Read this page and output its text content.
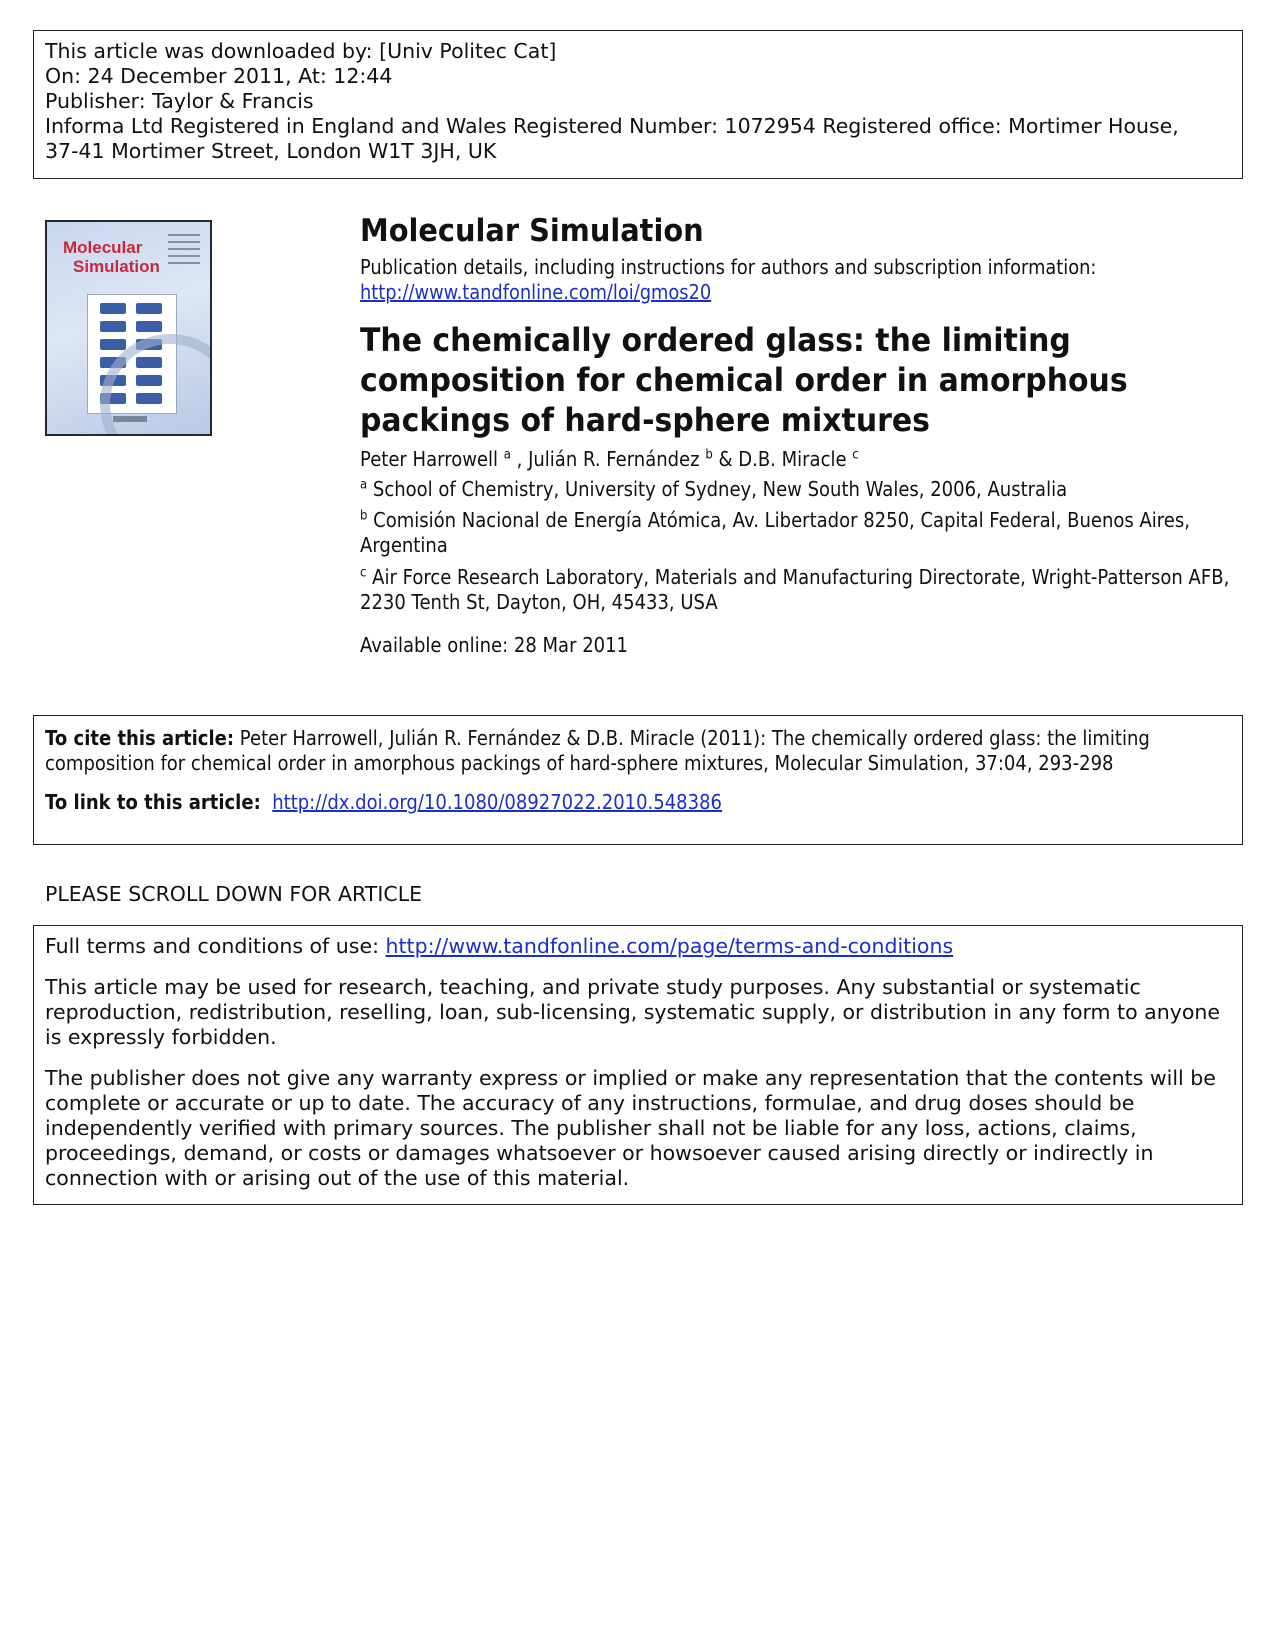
This article was downloaded by: [Univ Politec Cat]
On: 24 December 2011, At: 12:44
Publisher: Taylor & Francis
Informa Ltd Registered in England and Wales Registered Number: 1072954 Registered office: Mortimer House,
37-41 Mortimer Street, London W1T 3JH, UK
Molecular
Simulation
Molecular Simulation
Publication details, including instructions for authors and subscription information:
http://www.tandfonline.com/loi/gmos20
The chemically ordered glass: the limiting composition for chemical order in amorphous packings of hard-sphere mixtures
Peter Harrowell $^a$ , Julián R. Fernández $^b$ & D.B. Miracle $^c$
$^a$ School of Chemistry, University of Sydney, New South Wales, 2006, Australia
$^b$ Comisión Nacional de Energía Atómica, Av. Libertador 8250, Capital Federal, Buenos Aires, Argentina
$^c$ Air Force Research Laboratory, Materials and Manufacturing Directorate, Wright-Patterson AFB, 2230 Tenth St, Dayton, OH, 45433, USA
Available online: 28 Mar 2011
To cite this article: Peter Harrowell, Julián R. Fernández & D.B. Miracle (2011): The chemically ordered glass: the limiting composition for chemical order in amorphous packings of hard-sphere mixtures, Molecular Simulation, 37:04, 293-298
To link to this article: http://dx.doi.org/10.1080/08927022.2010.548386
PLEASE SCROLL DOWN FOR ARTICLE

Full terms and conditions of use: http://www.tandfonline.com/page/terms-and-conditions

This article may be used for research, teaching, and private study purposes. Any substantial or systematic reproduction, redistribution, reselling, loan, sub-licensing, systematic supply, or distribution in any form to anyone is expressly forbidden.

The publisher does not give any warranty express or implied or make any representation that the contents will be complete or accurate or up to date. The accuracy of any instructions, formulae, and drug doses should be independently verified with primary sources. The publisher shall not be liable for any loss, actions, claims, proceedings, demand, or costs or damages whatsoever or howsoever caused arising directly or indirectly in connection with or arising out of the use of this material.
